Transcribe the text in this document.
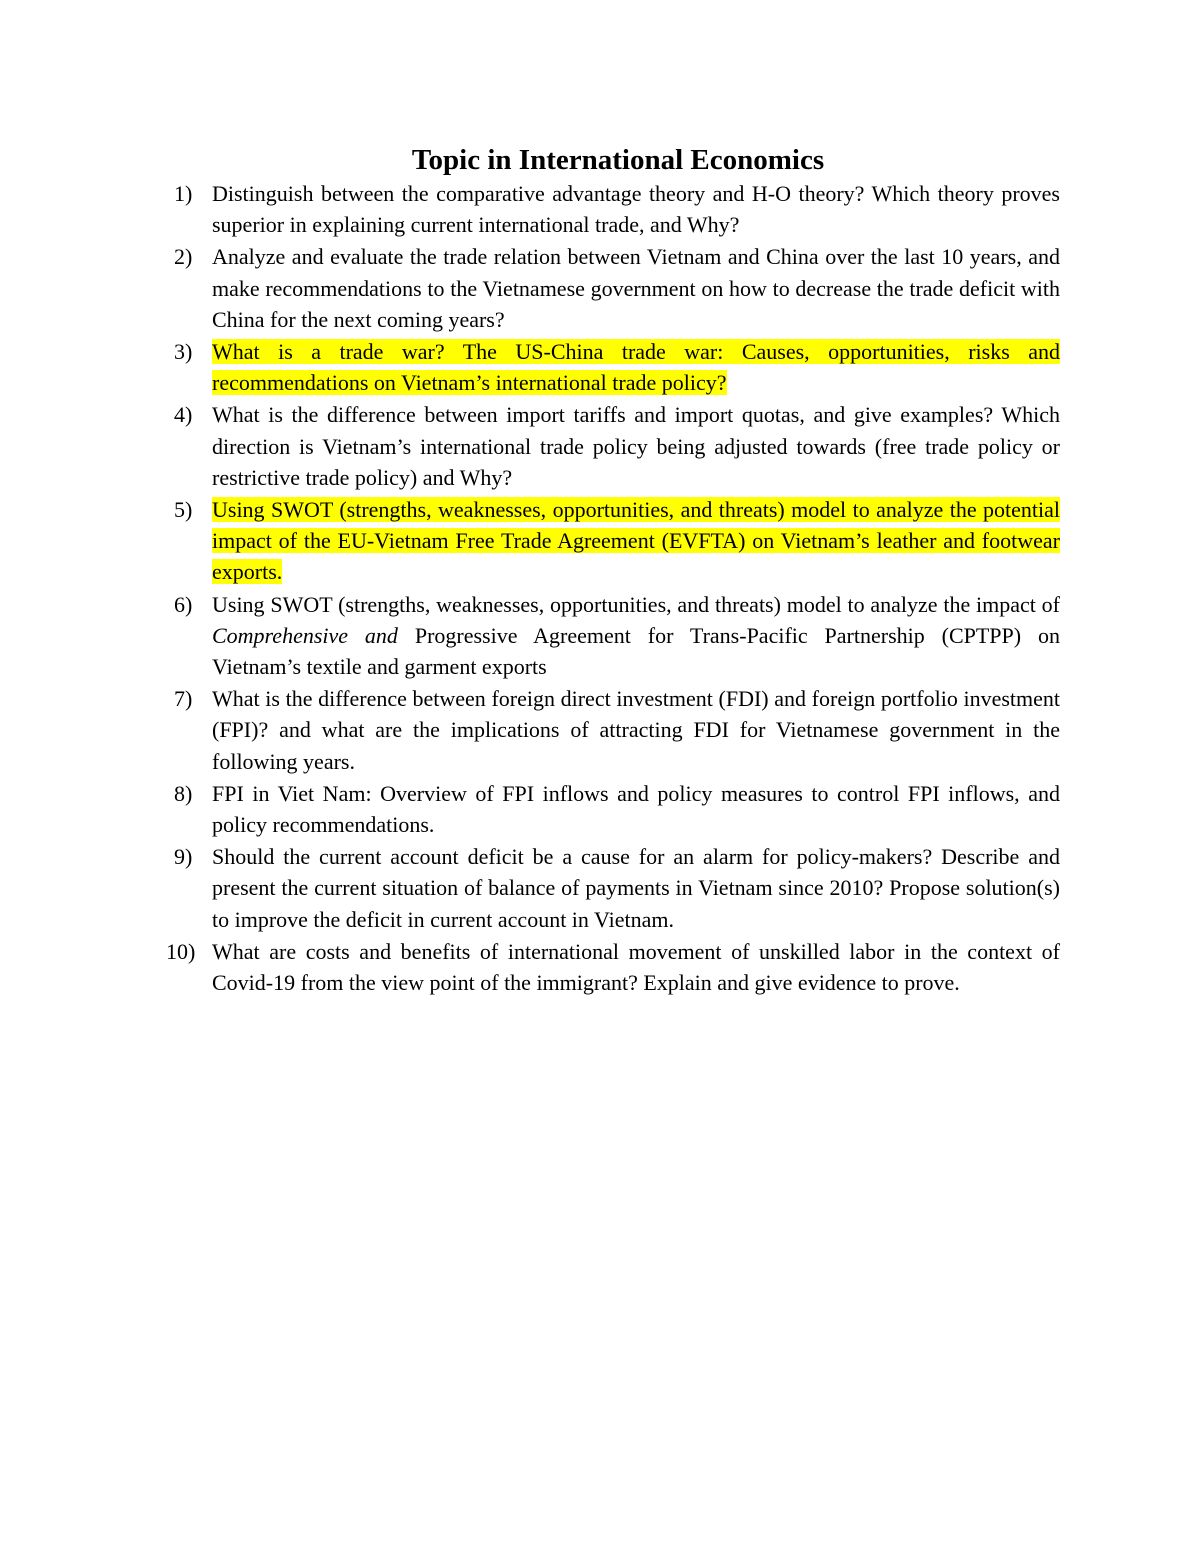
Topic in International Economics
1) Distinguish between the comparative advantage theory and H-O theory? Which theory proves superior in explaining current international trade, and Why?
2) Analyze and evaluate the trade relation between Vietnam and China over the last 10 years, and make recommendations to the Vietnamese government on how to decrease the trade deficit with China for the next coming years?
3) What is a trade war? The US-China trade war: Causes, opportunities, risks and recommendations on Vietnam’s international trade policy?
4) What is the difference between import tariffs and import quotas, and give examples? Which direction is Vietnam’s international trade policy being adjusted towards (free trade policy or restrictive trade policy) and Why?
5) Using SWOT (strengths, weaknesses, opportunities, and threats) model to analyze the potential impact of the EU-Vietnam Free Trade Agreement (EVFTA) on Vietnam’s leather and footwear exports.
6) Using SWOT (strengths, weaknesses, opportunities, and threats) model to analyze the impact of Comprehensive and Progressive Agreement for Trans-Pacific Partnership (CPTPP) on Vietnam’s textile and garment exports
7) What is the difference between foreign direct investment (FDI) and foreign portfolio investment (FPI)? and what are the implications of attracting FDI for Vietnamese government in the following years.
8) FPI in Viet Nam: Overview of FPI inflows and policy measures to control FPI inflows, and policy recommendations.
9) Should the current account deficit be a cause for an alarm for policy-makers? Describe and present the current situation of balance of payments in Vietnam since 2010? Propose solution(s) to improve the deficit in current account in Vietnam.
10) What are costs and benefits of international movement of unskilled labor in the context of Covid-19 from the view point of the immigrant? Explain and give evidence to prove.
